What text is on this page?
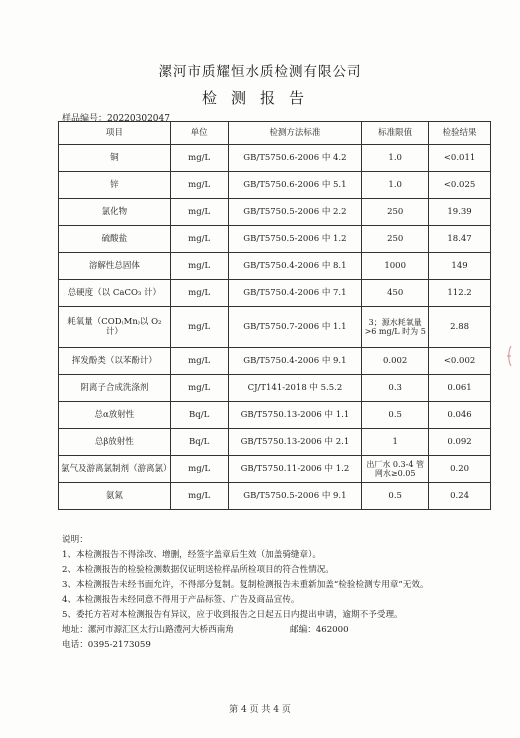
漯河市质耀恒水质检测有限公司
检测报告
样品编号：20220302047
项目	单位	检测方法标准	标准限值	检验结果
铜	mg/L	GB/T5750.6-2006 中 4.2	1.0	<0.011
锌	mg/L	GB/T5750.6-2006 中 5.1	1.0	<0.025
氯化物	mg/L	GB/T5750.5-2006 中 2.2	250	19.39
硫酸盐	mg/L	GB/T5750.5-2006 中 1.2	250	18.47
溶解性总固体	mg/L	GB/T5750.4-2006 中 8.1	1000	149
总硬度（以 CaCO₃ 计）	mg/L	GB/T5750.4-2006 中 7.1	450	112.2
耗氧量（COD₍Mn₎以 O₂ 计）	mg/L	GB/T5750.7-2006 中 1.1	3；源水耗氧量>6 mg/L 时为 5	2.88
挥发酚类（以苯酚计）	mg/L	GB/T5750.4-2006 中 9.1	0.002	<0.002
阴离子合成洗涤剂	mg/L	CJ/T141-2018 中 5.5.2	0.3	0.061
总α放射性	Bq/L	GB/T5750.13-2006 中 1.1	0.5	0.046
总β放射性	Bq/L	GB/T5750.13-2006 中 2.1	1	0.092
氯气及游离氯制剂（游离氯）	mg/L	GB/T5750.11-2006 中 1.2	出厂水 0.3-4 管网水≥0.05	0.20
氨氮	mg/L	GB/T5750.5-2006 中 9.1	0.5	0.24
说明：
1、本检测报告不得涂改、增删，经签字盖章后生效（加盖骑缝章）。
2、本检测报告的检验检测数据仅证明送检样品所检项目的符合性情况。
3、本检测报告未经书面允许，不得部分复制。复制检测报告未重新加盖“检验检测专用章”无效。
4、本检测报告未经同意不得用于产品标签、广告及商品宣传。
5、委托方若对本检测报告有异议，应于收到报告之日起五日内提出申请，逾期不予受理。
地址：漯河市源汇区太行山路澧河大桥西南角	邮编：462000
电话：0395-2173059
第 4 页 共 4 页
